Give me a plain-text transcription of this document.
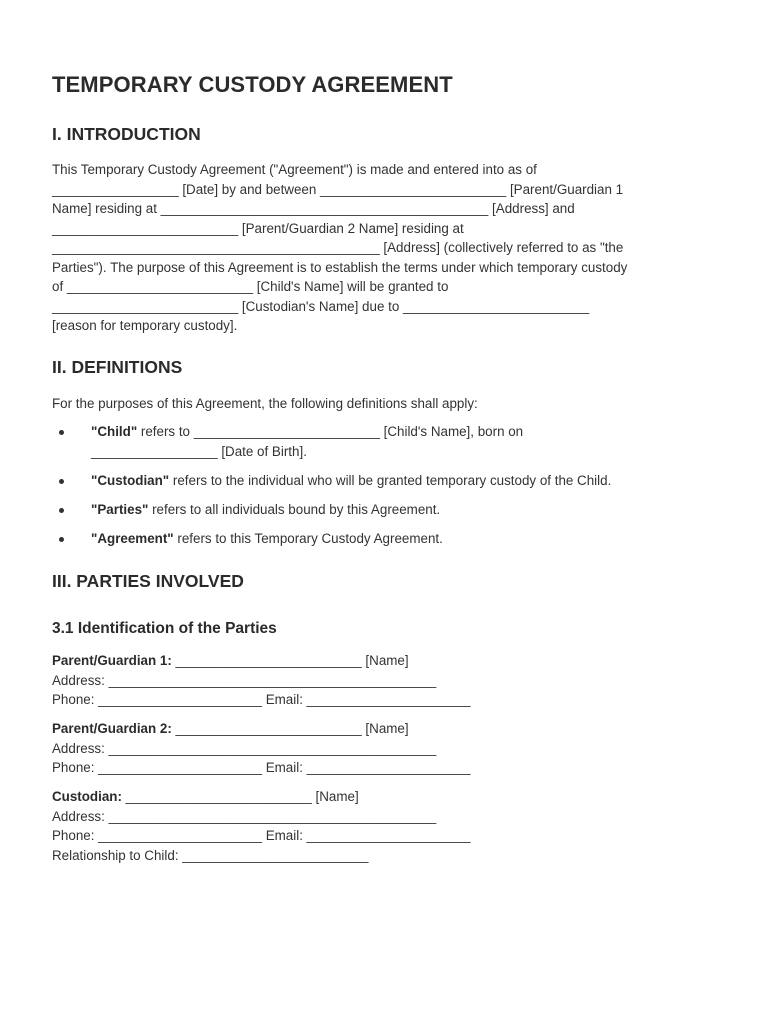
TEMPORARY CUSTODY AGREEMENT
I. INTRODUCTION

This Temporary Custody Agreement ("Agreement") is made and entered into as of
_________________ [Date] by and between _________________________ [Parent/Guardian 1
Name] residing at ____________________________________________ [Address] and
_________________________ [Parent/Guardian 2 Name] residing at
____________________________________________ [Address] (collectively referred to as "the
Parties"). The purpose of this Agreement is to establish the terms under which temporary custody
of _________________________ [Child's Name] will be granted to
_________________________ [Custodian's Name] due to _________________________
[reason for temporary custody].

II. DEFINITIONS

For the purposes of this Agreement, the following definitions shall apply:

"Child" refers to _________________________ [Child's Name], born on
_________________ [Date of Birth].
"Custodian" refers to the individual who will be granted temporary custody of the Child.
"Parties" refers to all individuals bound by this Agreement.
"Agreement" refers to this Temporary Custody Agreement.
III. PARTIES INVOLVED
3.1 Identification of the Parties
Parent/Guardian 1: _________________________ [Name]
Address: ____________________________________________
Phone: ______________________ Email: ______________________
Parent/Guardian 2: _________________________ [Name]
Address: ____________________________________________
Phone: ______________________ Email: ______________________
Custodian: _________________________ [Name]
Address: ____________________________________________
Phone: ______________________ Email: ______________________
Relationship to Child: _________________________
